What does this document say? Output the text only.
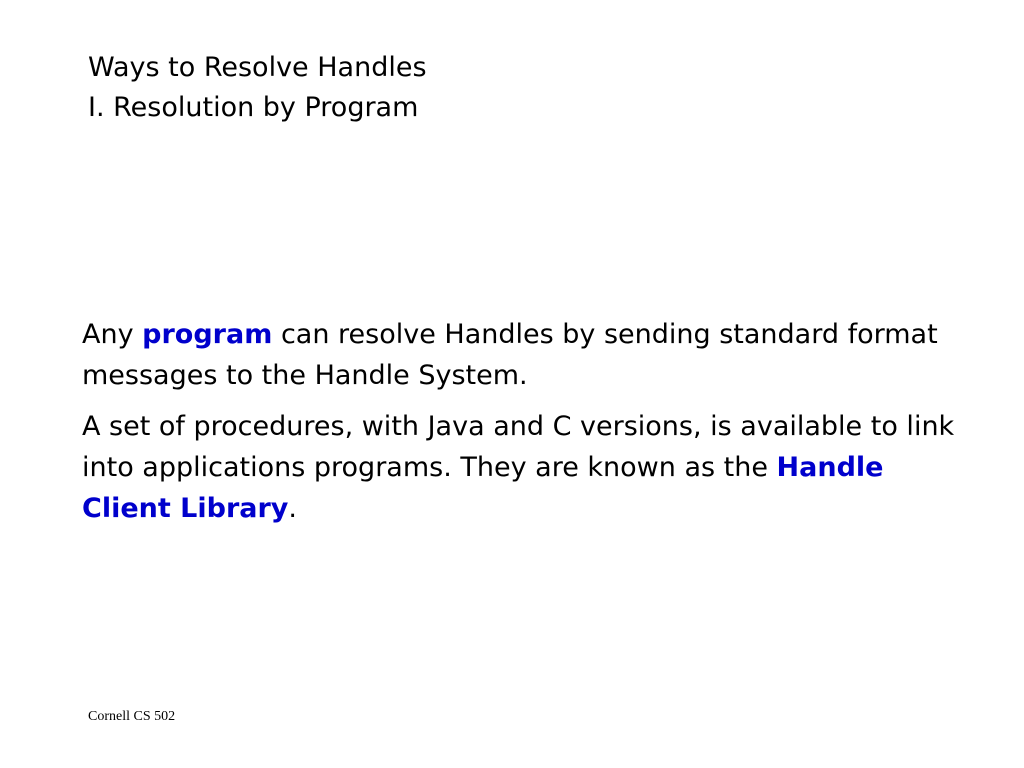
Ways to Resolve Handles
I. Resolution by Program

Any program can resolve Handles by sending standard format messages to the Handle System.

A set of procedures, with Java and C versions, is available to link into applications programs. They are known as the Handle Client Library.

Cornell CS 502
